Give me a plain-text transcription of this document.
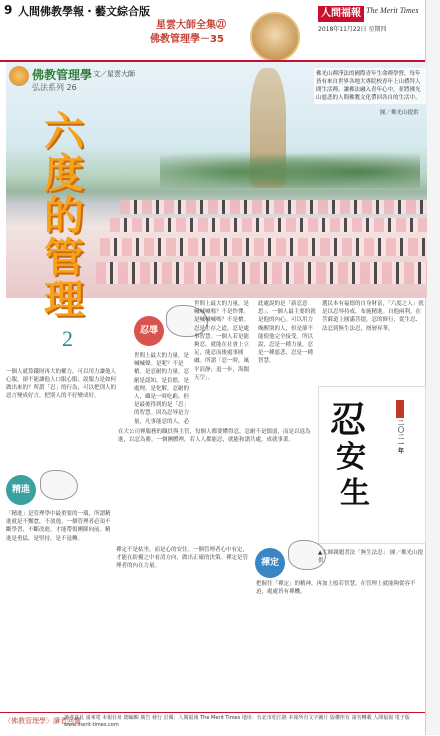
9 人間佛教學報・藝文綜合版
星雲大師全集㉑
佛教管理學－35
人間福報 The Merit Times
2018年11月22日 星期四
佛光山禪淨法的國際青年生命禪學營，每年皆有來自世界各地大專院校青年上山禮拜人間生活禪，讓佛法融入青年心中，並將佛光山慈悲的人間佛教文化帶回各自的生活中。
圖／佛光山提供
佛教管理學
・文／星雲大師
弘法系列 26
六
度
的
管
理
2
一個人就算錢財再大的權力，可以用力讓他人心服，卻不能讓他人口服心服；說服力是如何做出來的？所謂「忍」的行為，可以把別人的惡言變成好言，把別人的不好變成好。
忍辱
精進
禪定
世間上最大的力量，是喊喊聲。是呢？不是槍。是忍耐的力量。忍耐是認知，是負擔，是處理，是化解。忍耐的人，雖是一時吃虧，但是最後得到的是「忍」的智慧。因為忍辱是力量，凡事能忍的人，必
世間上最大的力量，是喊喊喊嗎？不是炸彈。是喊喊喊嗎？不是槍。忍是生存之道，忍是處事智慧。一個人若是能夠忍，就能在社會上立足，能忍而後處事圓融。所謂「忍一時，風平浪靜；退一步，海闊天空」。
此處說的是「新忍意思」。一個人最主要的就是他的內心。可以用力喚醒別的人，但是卻不能使他完全接受。所以說，忍是一種力量，忍是一種慈悲，忍是一種智慧。
選民本有福德的自身財富，「六度之人」就是以忍辱持戒，布施精進。自他兩利，在菩薩道上圓滿菩提。忍的修行，從生忍、法忍到無生法忍，層層昇華。
在大公司裡服務的職員與主管，每個人都要懂得忍。忍耐不是懦弱，而是以退為進，以忍為勝。一個團體裡，若人人都能忍，就能和諧共處，成就事業。
「精進」是管理學中最重要的一環，所謂精進就是不懈怠，不放逸。一個管理者必須不斷學習，不斷改進，才能帶領團隊向前。精進是勇猛，是堅持，是不退轉。
禪定不是枯坐，而是心的安住。一個管理者心中有定，才能在紛擾之中看清方向，做出正確的決策。禪定是管理者的內在力量。
把握住「禪定」的精神，再加上般若智慧，在管理上就能夠從容不迫，處處皆有禪機。
忍
安
生
二〇二一年
▲大師親題書法「無生法忍」 圖／佛光山提供
〈佛教管理學〉讀者回響
讀者意見 請來電 本報社址 總編輯 廣告 發行 訂閱：人間福報 The Merit Times 地址：台北市松江路 本報所有文字圖片 版權所有 請勿轉載 人間福報 電子版 www.merit-times.com
